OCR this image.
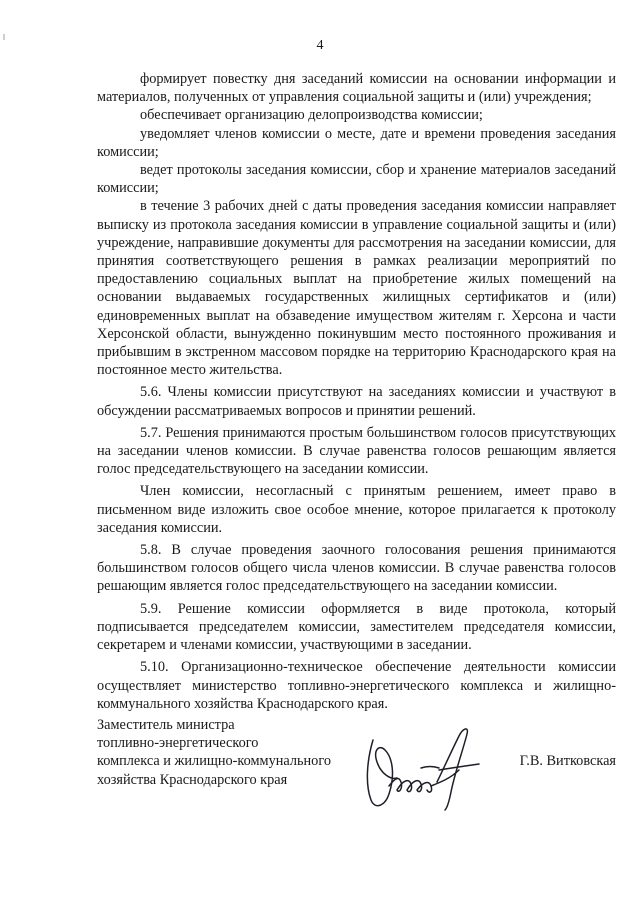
4

формирует повестку дня заседаний комиссии на основании информации и материалов, полученных от управления социальной защиты и (или) учреждения;

обеспечивает организацию делопроизводства комиссии;

уведомляет членов комиссии о месте, дате и времени проведения заседания комиссии;

ведет протоколы заседания комиссии, сбор и хранение материалов заседаний комиссии;

в течение 3 рабочих дней с даты проведения заседания комиссии направляет выписку из протокола заседания комиссии в управление социальной защиты и (или) учреждение, направившие документы для рассмотрения на заседании комиссии, для принятия соответствующего решения в рамках реализации мероприятий по предоставлению социальных выплат на приобретение жилых помещений на основании выдаваемых государственных жилищных сертификатов и (или) единовременных выплат на обзаведение имуществом жителям г. Херсона и части Херсонской области, вынужденно покинувшим место постоянного проживания и прибывшим в экстренном массовом порядке на территорию Краснодарского края на постоянное место жительства.

5.6. Члены комиссии присутствуют на заседаниях комиссии и участвуют в обсуждении рассматриваемых вопросов и принятии решений.

5.7. Решения принимаются простым большинством голосов присутствующих на заседании членов комиссии. В случае равенства голосов решающим является голос председательствующего на заседании комиссии.

Член комиссии, несогласный с принятым решением, имеет право в письменном виде изложить свое особое мнение, которое прилагается к протоколу заседания комиссии.

5.8. В случае проведения заочного голосования решения принимаются большинством голосов общего числа членов комиссии. В случае равенства голосов решающим является голос председательствующего на заседании комиссии.

5.9. Решение комиссии оформляется в виде протокола, который подписывается председателем комиссии, заместителем председателя комиссии, секретарем и членами комиссии, участвующими в заседании.

5.10. Организационно-техническое обеспечение деятельности комиссии осуществляет министерство топливно-энергетического комплекса и жилищно-коммунального хозяйства Краснодарского края.

Заместитель министра
топливно-энергетического
комплекса и жилищно-коммунального
хозяйства Краснодарского края
Г.В. Витковская
